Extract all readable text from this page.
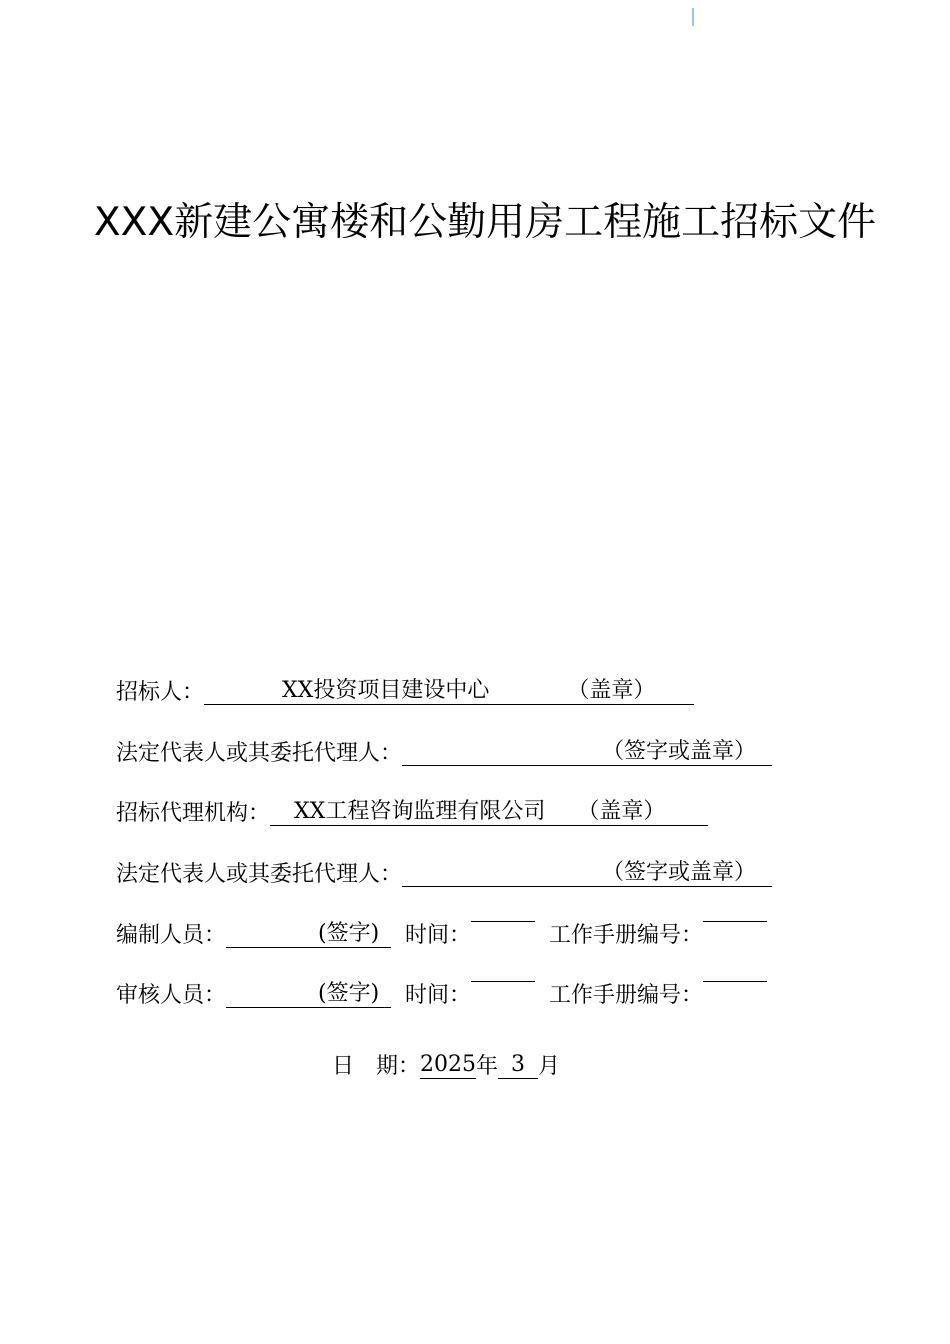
XXX新建公寓楼和公勤用房工程施工招标文件
招标人：	XX投资项目建设中心	（盖章）
法定代表人或其委托代理人：	（签字或盖章）
招标代理机构： XX工程咨询监理有限公司 （盖章）
法定代表人或其委托代理人：	（签字或盖章）
编制人员：	(签字) 时间：	工作手册编号：
审核人员：	(签字) 时间：	工作手册编号：
日　期：2025年 3 月
